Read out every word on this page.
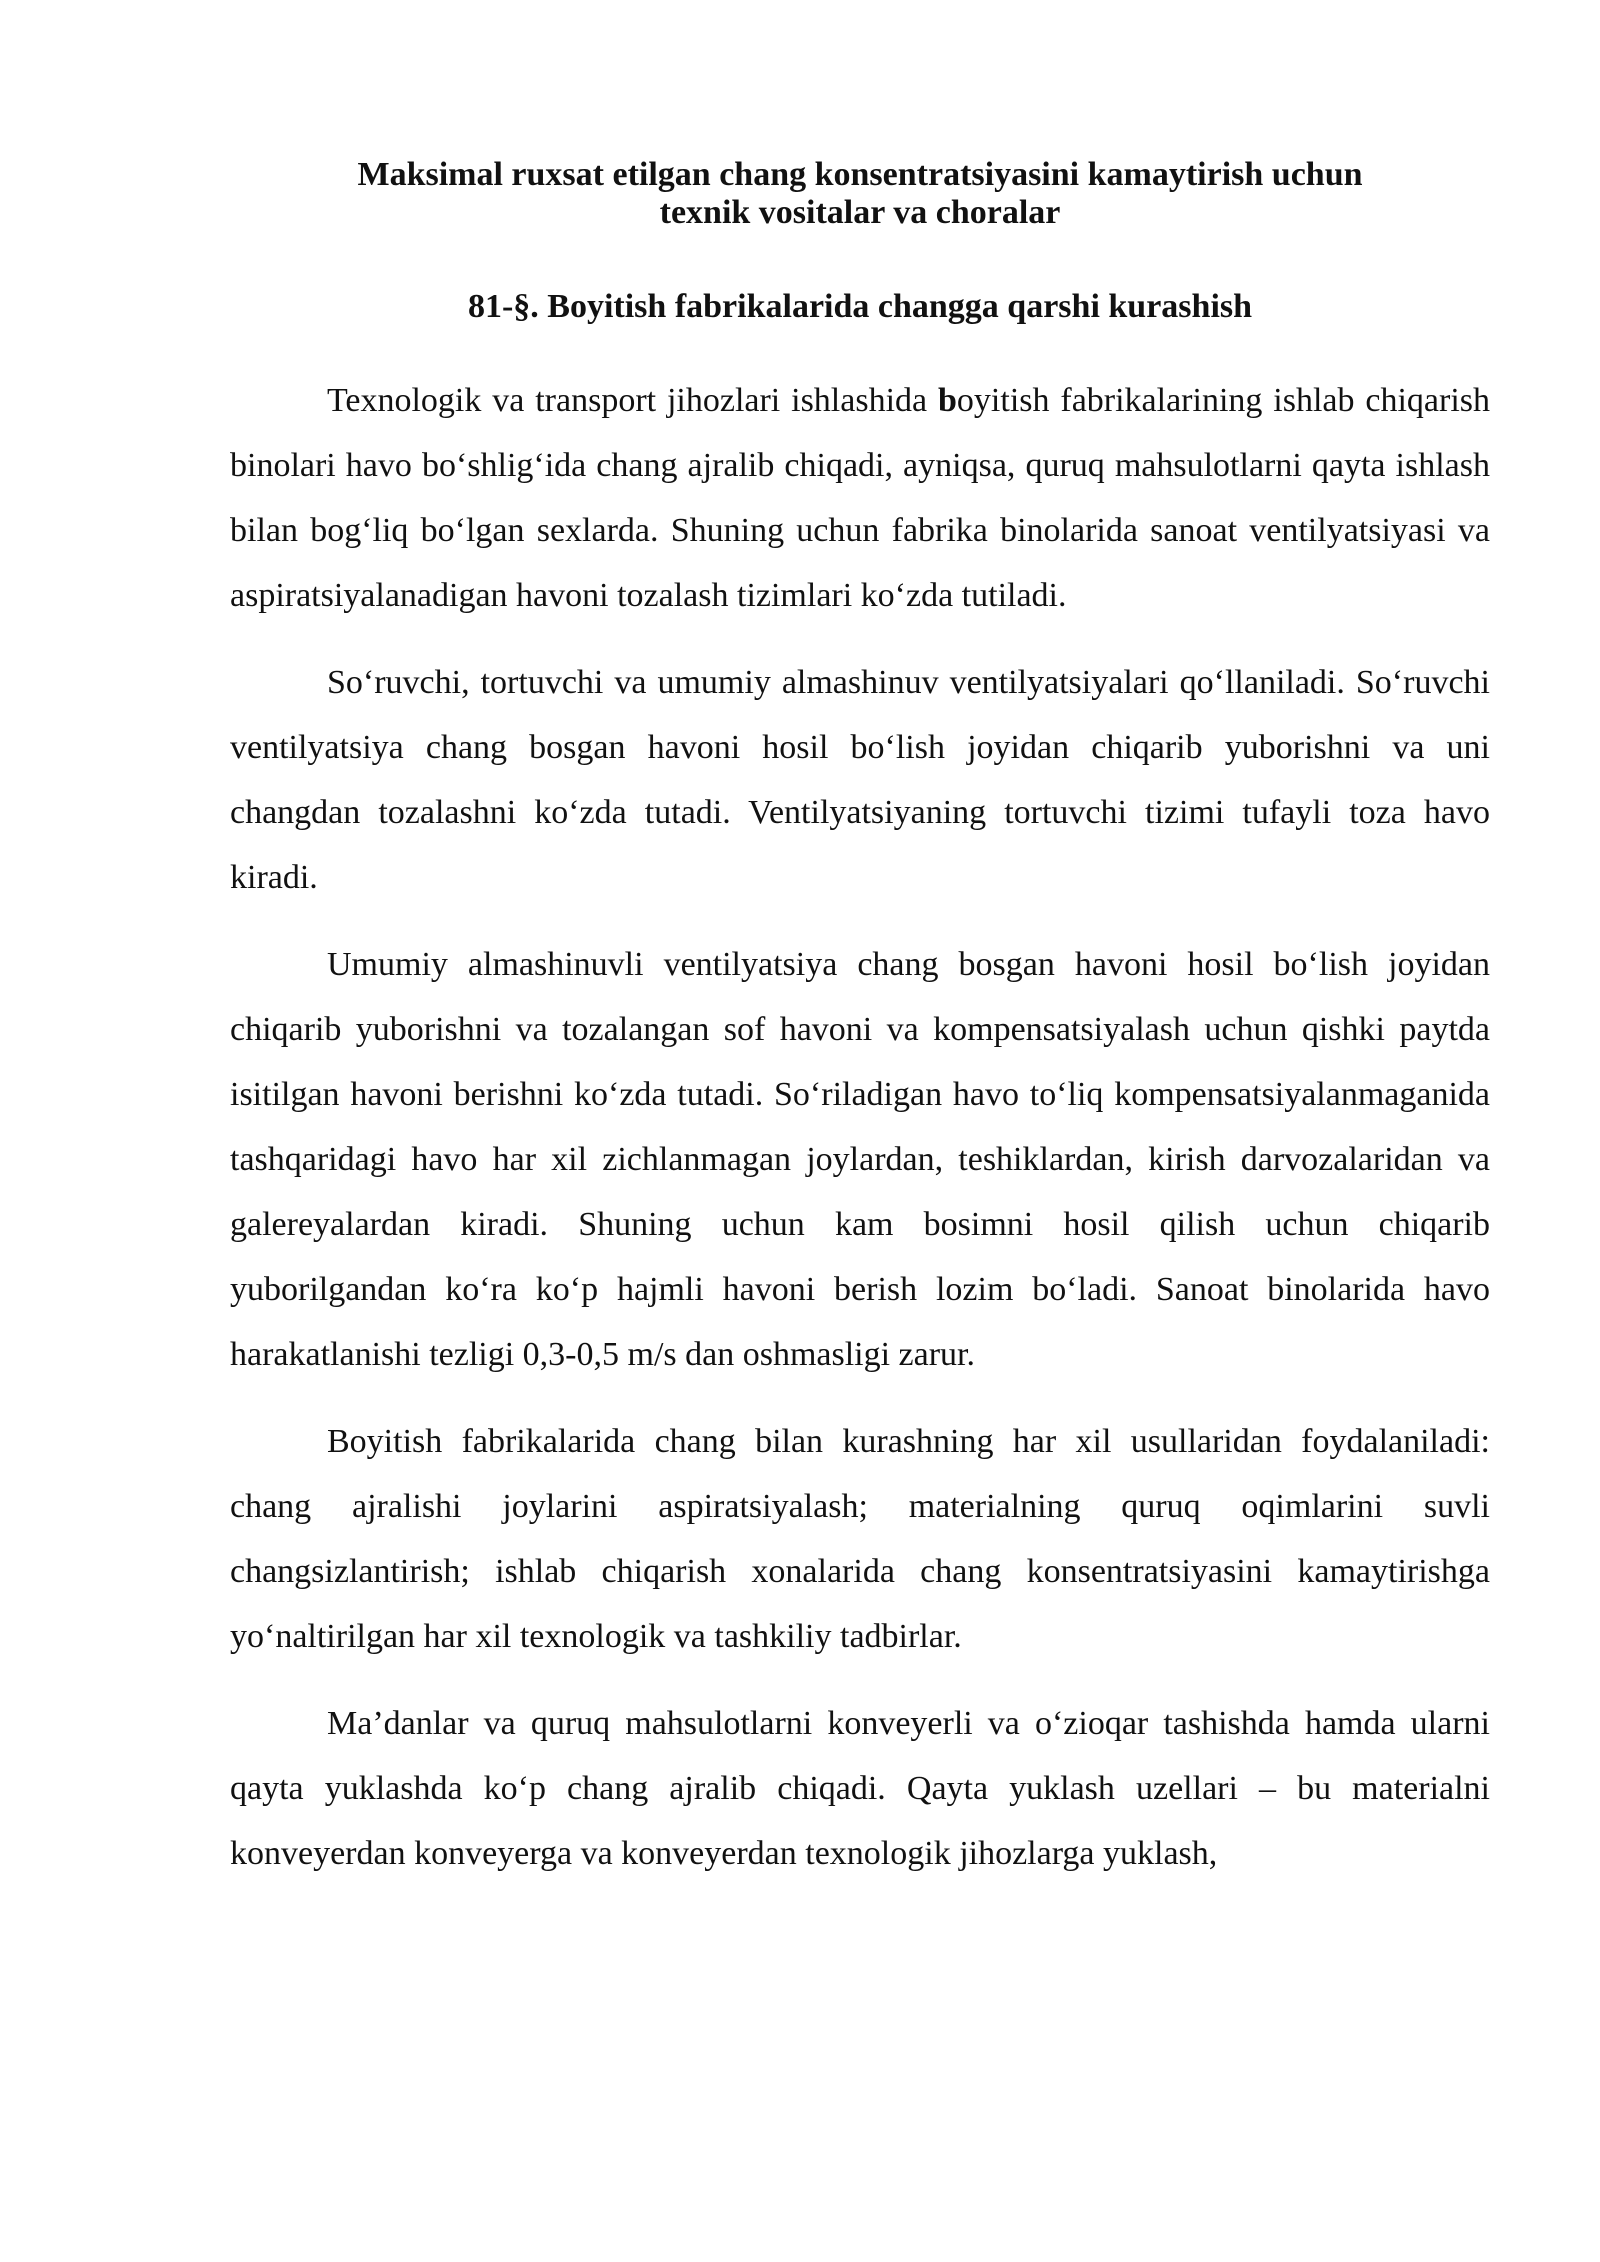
Maksimal ruxsat etilgan chang konsentratsiyasini kamaytirish uchun
texnik vositalar va choralar
81-§. Boyitish fabrikalarida changga qarshi kurashish

Texnologik va transport jihozlari ishlashida boyitish fabrikalarining ishlab chiqarish binolari havo bo‘shlig‘ida chang ajralib chiqadi, ayniqsa, quruq mahsulotlarni qayta ishlash bilan bog‘liq bo‘lgan sexlarda. Shuning uchun fabrika binolarida sanoat ventilyatsiyasi va aspiratsiyalanadigan havoni tozalash tizimlari ko‘zda tutiladi.

So‘ruvchi, tortuvchi va umumiy almashinuv ventilyatsiyalari qo‘llaniladi. So‘ruvchi ventilyatsiya chang bosgan havoni hosil bo‘lish joyidan chiqarib yuborishni va uni changdan tozalashni ko‘zda tutadi. Ventilyatsiyaning tortuvchi tizimi tufayli toza havo kiradi.

Umumiy almashinuvli ventilyatsiya chang bosgan havoni hosil bo‘lish joyidan chiqarib yuborishni va tozalangan sof havoni va kompensatsiyalash uchun qishki paytda isitilgan havoni berishni ko‘zda tutadi. So‘riladigan havo to‘liq kompensatsiyalanmaganida tashqaridagi havo har xil zichlanmagan joylardan, teshiklardan, kirish darvozalaridan va galereyalardan kiradi. Shuning uchun kam bosimni hosil qilish uchun chiqarib yuborilgandan ko‘ra ko‘p hajmli havoni berish lozim bo‘ladi. Sanoat binolarida havo harakatlanishi tezligi 0,3-0,5 m/s dan oshmasligi zarur.

Boyitish fabrikalarida chang bilan kurashning har xil usullaridan foydalaniladi: chang ajralishi joylarini aspiratsiyalash; materialning quruq oqimlarini suvli changsizlantirish; ishlab chiqarish xonalarida chang konsentratsiyasini kamaytirishga yo‘naltirilgan har xil texnologik va tashkiliy tadbirlar.

Ma’danlar va quruq mahsulotlarni konveyerli va o‘zioqar tashishda hamda ularni qayta yuklashda ko‘p chang ajralib chiqadi. Qayta yuklash uzellari – bu materialni konveyerdan konveyerga va konveyerdan texnologik jihozlarga yuklash,
